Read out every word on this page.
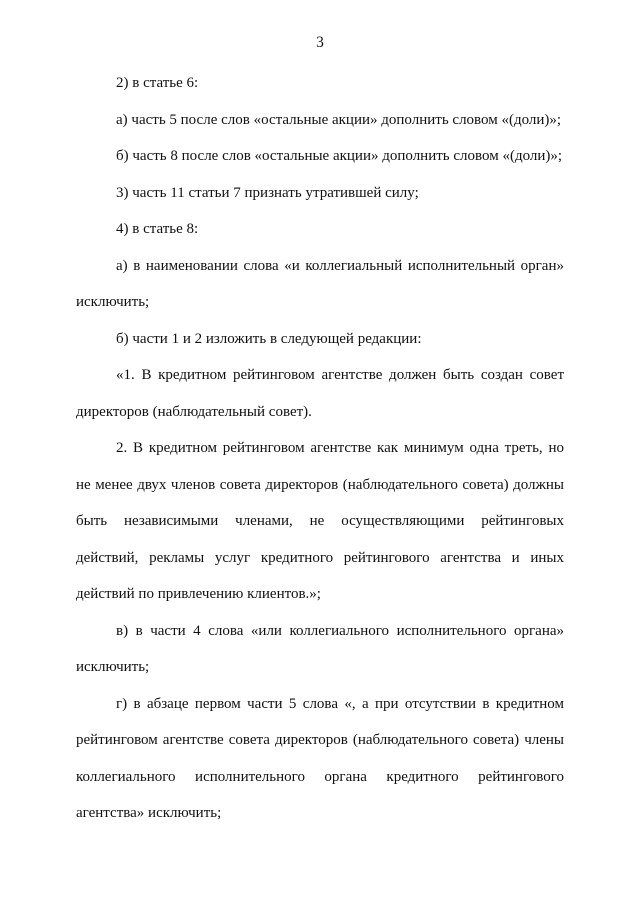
3

2) в статье 6:

а) часть 5 после слов «остальные акции» дополнить словом «(доли)»;

б) часть 8 после слов «остальные акции» дополнить словом «(доли)»;

3) часть 11 статьи 7 признать утратившей силу;

4) в статье 8:

а) в наименовании слова «и коллегиальный исполнительный орган» исключить;

б) части 1 и 2 изложить в следующей редакции:

«1. В кредитном рейтинговом агентстве должен быть создан совет директоров (наблюдательный совет).

2. В кредитном рейтинговом агентстве как минимум одна треть, но не менее двух членов совета директоров (наблюдательного совета) должны быть независимыми членами, не осуществляющими рейтинговых действий, рекламы услуг кредитного рейтингового агентства и иных действий по привлечению клиентов.»;

в) в части 4 слова «или коллегиального исполнительного органа» исключить;

г) в абзаце первом части 5 слова «, а при отсутствии в кредитном рейтинговом агентстве совета директоров (наблюдательного совета) члены коллегиального исполнительного органа кредитного рейтингового агентства» исключить;
